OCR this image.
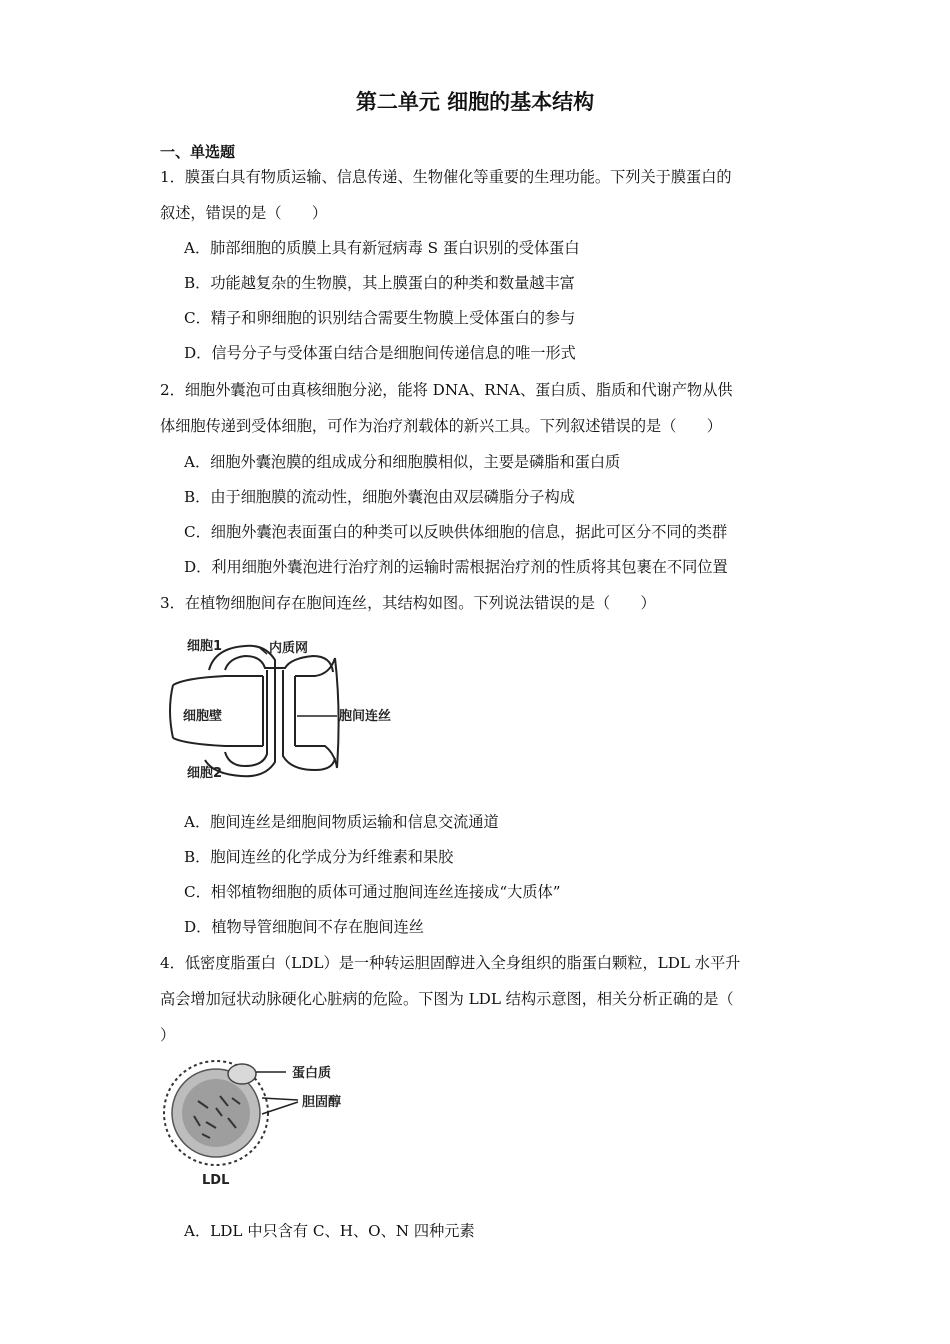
第二单元 细胞的基本结构
一、单选题
1．膜蛋白具有物质运输、信息传递、生物催化等重要的生理功能。下列关于膜蛋白的
叙述，错误的是（　　）
A．肺部细胞的质膜上具有新冠病毒 S 蛋白识别的受体蛋白
B．功能越复杂的生物膜，其上膜蛋白的种类和数量越丰富
C．精子和卵细胞的识别结合需要生物膜上受体蛋白的参与
D．信号分子与受体蛋白结合是细胞间传递信息的唯一形式
2．细胞外囊泡可由真核细胞分泌，能将 DNA、RNA、蛋白质、脂质和代谢产物从供
体细胞传递到受体细胞，可作为治疗剂载体的新兴工具。下列叙述错误的是（　　）
A．细胞外囊泡膜的组成成分和细胞膜相似，主要是磷脂和蛋白质
B．由于细胞膜的流动性，细胞外囊泡由双层磷脂分子构成
C．细胞外囊泡表面蛋白的种类可以反映供体细胞的信息，据此可区分不同的类群
D．利用细胞外囊泡进行治疗剂的运输时需根据治疗剂的性质将其包裹在不同位置
3．在植物细胞间存在胞间连丝，其结构如图。下列说法错误的是（　　）
细胞1	内质网
细胞壁	胞间连丝
细胞2
A．胞间连丝是细胞间物质运输和信息交流通道
B．胞间连丝的化学成分为纤维素和果胶
C．相邻植物细胞的质体可通过胞间连丝连接成“大质体”
D．植物导管细胞间不存在胞间连丝
4．低密度脂蛋白（LDL）是一种转运胆固醇进入全身组织的脂蛋白颗粒，LDL 水平升
高会增加冠状动脉硬化心脏病的危险。下图为 LDL 结构示意图，相关分析正确的是（
）
蛋白质
胆固醇
LDL
A．LDL 中只含有 C、H、O、N 四种元素
